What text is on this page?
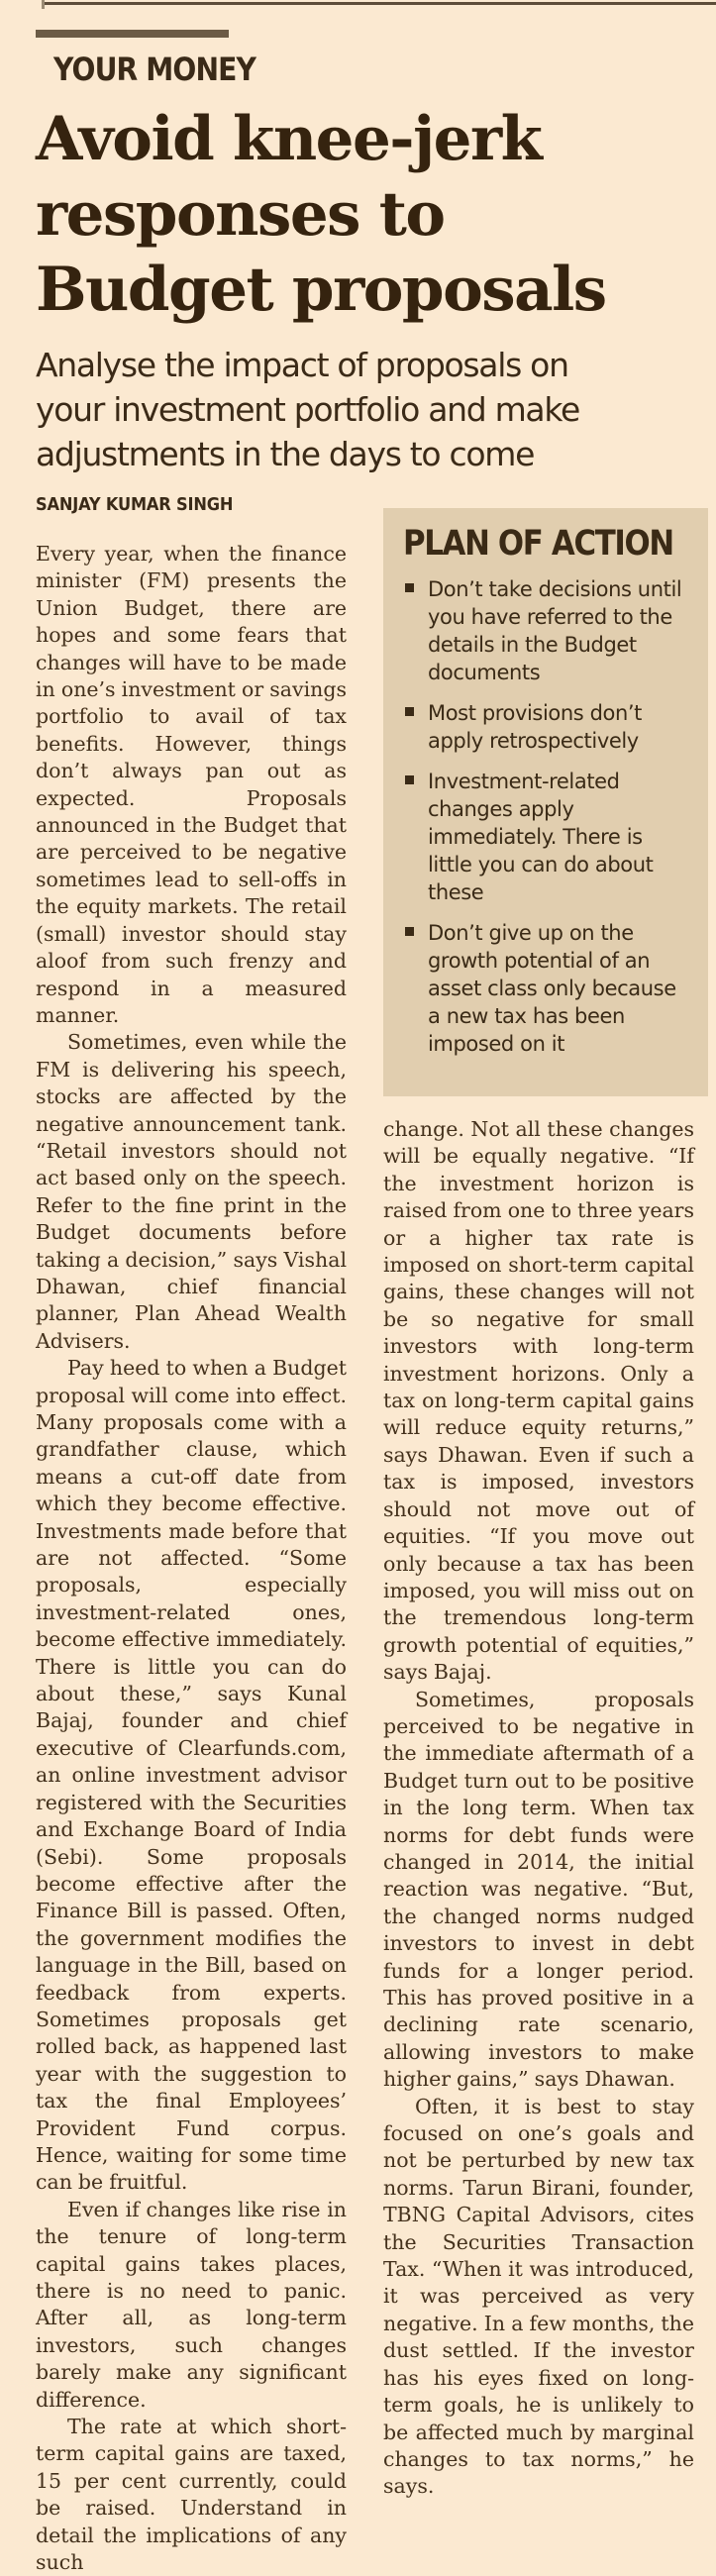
YOUR MONEY
Avoid knee-jerk
responses to
Budget proposals
Analyse the impact of proposals on
your investment portfolio and make
adjustments in the days to come
SANJAY KUMAR SINGH

Every year, when the finance minister (FM) presents the Union Budget, there are hopes and some fears that changes will have to be made in one’s investment or savings portfolio to avail of tax benefits. However, things don’t always pan out as expected. Proposals announced in the Budget that are perceived to be negative sometimes lead to sell-offs in the equity markets. The retail (small) investor should stay aloof from such frenzy and respond in a measured manner.

Sometimes, even while the FM is delivering his speech, stocks are affected by the negative announcement tank. “Retail investors should not act based only on the speech. Refer to the fine print in the Budget documents before taking a decision,” says Vishal Dhawan, chief financial planner, Plan Ahead Wealth Advisers.

Pay heed to when a Budget proposal will come into effect. Many proposals come with a grandfather clause, which means a cut-off date from which they become effective. Investments made before that are not affected. “Some proposals, especially investment-related ones, become effective immediately. There is little you can do about these,” says Kunal Bajaj, founder and chief executive of Clearfunds.com, an online investment advisor registered with the Securities and Exchange Board of India (Sebi). Some proposals become effective after the Finance Bill is passed. Often, the government modifies the language in the Bill, based on feedback from experts. Sometimes proposals get rolled back, as happened last year with the suggestion to tax the final Employees’ Provident Fund corpus. Hence, waiting for some time can be fruitful.

Even if changes like rise in the tenure of long-term capital gains takes places, there is no need to panic. After all, as long-term investors, such changes barely make any significant difference.

The rate at which short-term capital gains are taxed, 15 per cent currently, could be raised. Understand in detail the implications of any such

PLAN OF ACTION
Don’t take decisions until you have referred to the details in the Budget documents
Most provisions don’t apply retrospectively
Investment-related changes apply immediately. There is little you can do about these
Don’t give up on the growth potential of an asset class only because a new tax has been imposed on it

change. Not all these changes will be equally negative. “If the investment horizon is raised from one to three years or a higher tax rate is imposed on short-term capital gains, these changes will not be so negative for small investors with long-term investment horizons. Only a tax on long-term capital gains will reduce equity returns,” says Dhawan. Even if such a tax is imposed, investors should not move out of equities. “If you move out only because a tax has been imposed, you will miss out on the tremendous long-term growth potential of equities,” says Bajaj.

Sometimes, proposals perceived to be negative in the immediate aftermath of a Budget turn out to be positive in the long term. When tax norms for debt funds were changed in 2014, the initial reaction was negative. “But, the changed norms nudged investors to invest in debt funds for a longer period. This has proved positive in a declining rate scenario, allowing investors to make higher gains,” says Dhawan.

Often, it is best to stay focused on one’s goals and not be perturbed by new tax norms. Tarun Birani, founder, TBNG Capital Advisors, cites the Securities Transaction Tax. “When it was introduced, it was perceived as very negative. In a few months, the dust settled. If the investor has his eyes fixed on long-term goals, he is unlikely to be affected much by marginal changes to tax norms,” he says.
